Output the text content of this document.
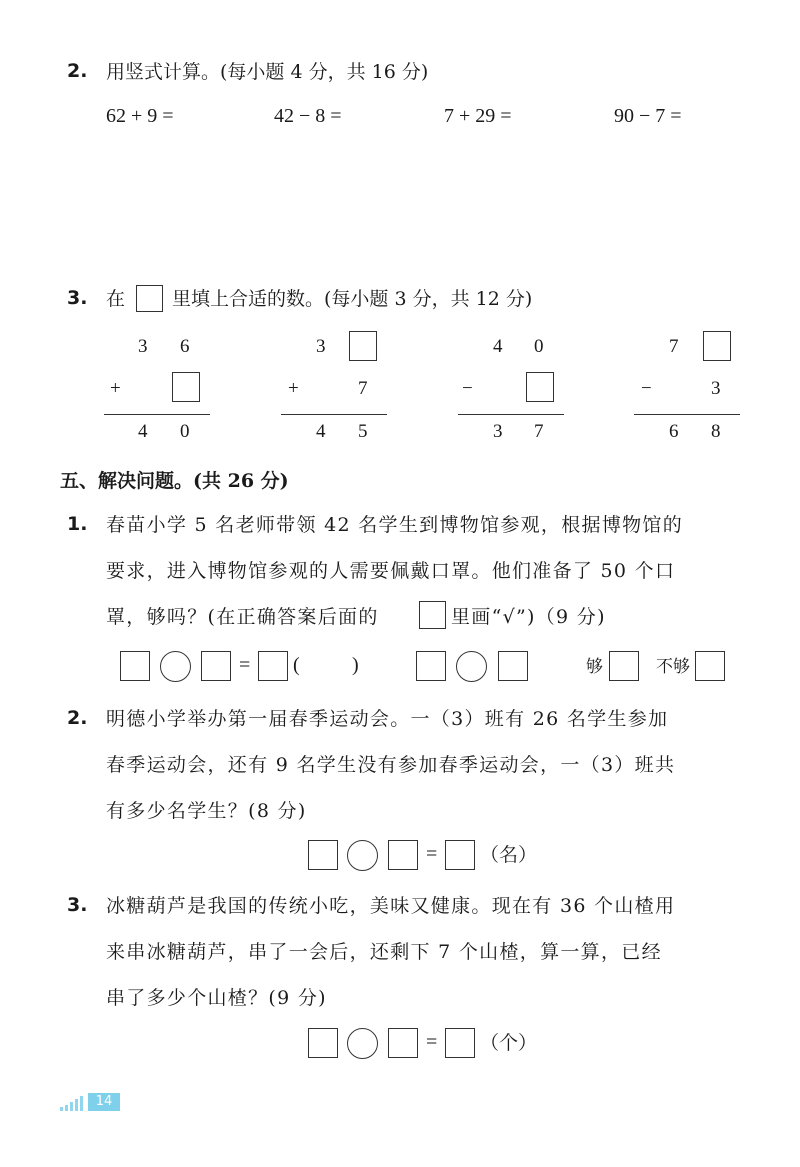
2. 用竖式计算。(每小题 4 分，共 16 分)
62 + 9 =	42 − 8 =	7 + 29 =	90 − 7 =
3. 在 里填上合适的数。(每小题 3 分，共 12 分)
3 6
+
4 0
3
+	7
4 5
4 0
−
3 7
7
−	3
6 8
五、解决问题。(共 26 分)
1. 春苗小学 5 名老师带领 42 名学生到博物馆参观，根据博物馆的
要求，进入博物馆参观的人需要佩戴口罩。他们准备了 50 个口
罩，够吗？(在正确答案后面的	里画“√”)（9 分)
= (	)	够	不够
2. 明德小学举办第一届春季运动会。一（3）班有 26 名学生参加
春季运动会，还有 9 名学生没有参加春季运动会，一（3）班共
有多少名学生？(8 分)
= （名）
3. 冰糖葫芦是我国的传统小吃，美味又健康。现在有 36 个山楂用
来串冰糖葫芦，串了一会后，还剩下 7 个山楂，算一算，已经
串了多少个山楂？(9 分)
= （个）
14
